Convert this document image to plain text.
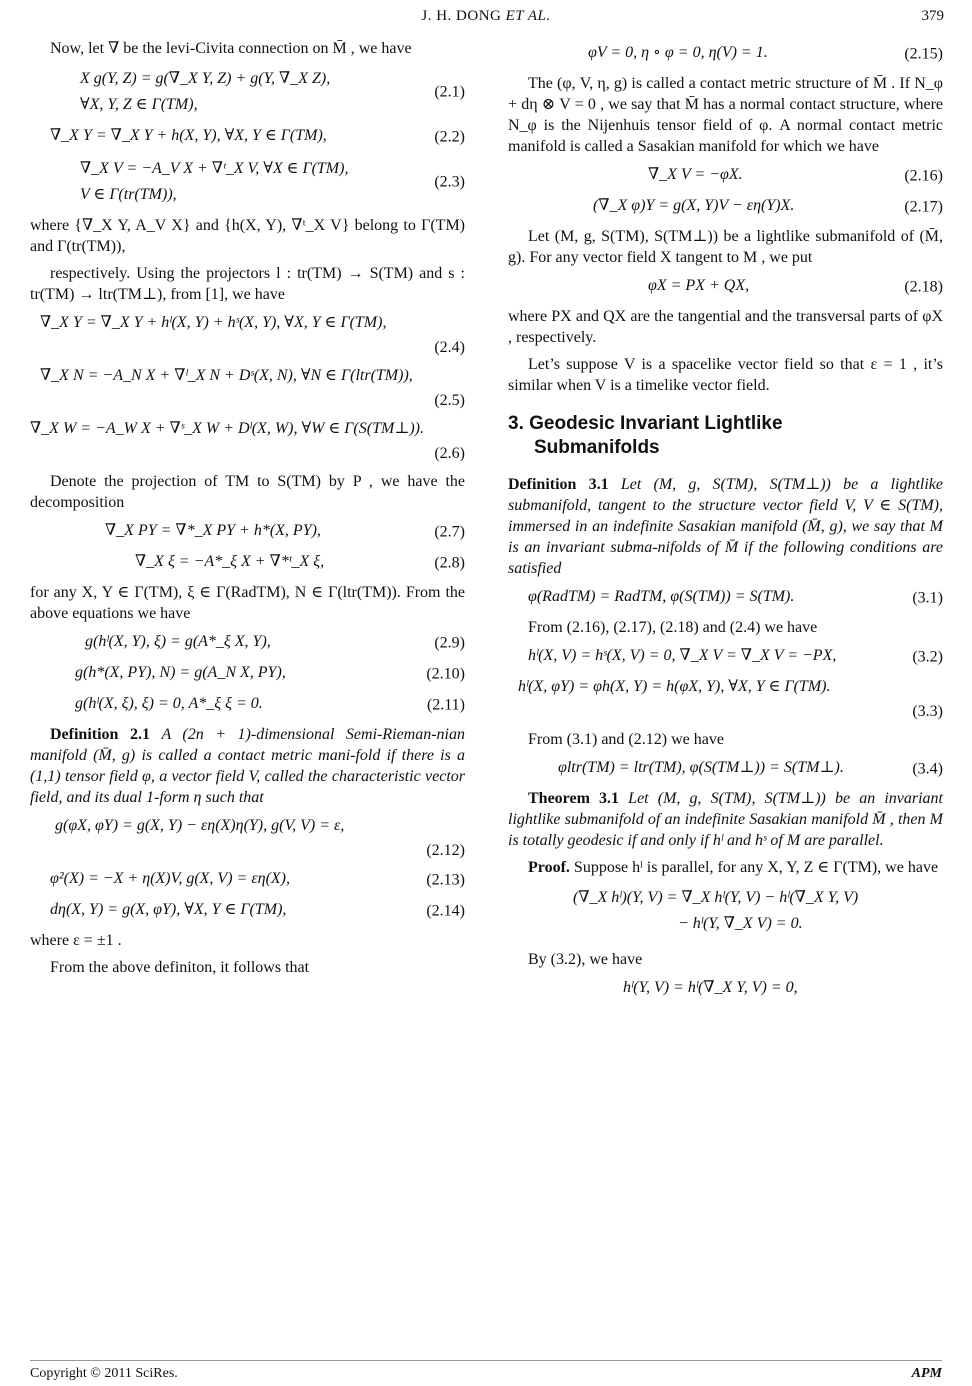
J. H. DONG ET AL.	379

Now, let ∇ be the levi-Civita connection on M̄ , we have

X g(Y, Z) = g(∇̄_X Y, Z) + g(Y, ∇̄_X Z),
∀X, Y, Z ∈ Γ(TM),
(2.1)
∇̄_X Y = ∇_X Y + h(X, Y), ∀X, Y ∈ Γ(TM),	(2.2)
∇̄_X V = −A_V X + ∇ᵗ_X V, ∀X ∈ Γ(TM),
V ∈ Γ(tr(TM)),
(2.3)

where {∇_X Y, A_V X} and {h(X, Y), ∇ᵗ_X V} belong to Γ(TM) and Γ(tr(TM)),

respectively. Using the projectors l : tr(TM) → S(TM) and s : tr(TM) → ltr(TM⊥), from [1], we have

∇̄_X Y = ∇_X Y + hˡ(X, Y) + hˢ(X, Y), ∀X, Y ∈ Γ(TM),
(2.4)
∇̄_X N = −A_N X + ∇ˡ_X N + Dˢ(X, N), ∀N ∈ Γ(ltr(TM)),
(2.5)
∇̄_X W = −A_W X + ∇ˢ_X W + Dˡ(X, W), ∀W ∈ Γ(S(TM⊥)).
(2.6)

Denote the projection of TM to S(TM) by P , we have the decomposition

∇_X PY = ∇*_X PY + h*(X, PY),	(2.7)
∇_X ξ = −A*_ξ X + ∇*ᵗ_X ξ,	(2.8)

for any X, Y ∈ Γ(TM), ξ ∈ Γ(RadTM), N ∈ Γ(ltr(TM)). From the above equations we have

g(hˡ(X, Y), ξ) = g(A*_ξ X, Y),	(2.9)
g(h*(X, PY), N) = g(A_N X, PY),	(2.10)
g(hˡ(X, ξ), ξ) = 0, A*_ξ ξ = 0.	(2.11)

Definition 2.1 A (2n + 1)-dimensional Semi-Rieman-nian manifold (M̄, g) is called a contact metric mani-fold if there is a (1,1) tensor field φ, a vector field V, called the characteristic vector field, and its dual 1-form η such that

g(φX, φY) = g(X, Y) − εη(X)η(Y), g(V, V) = ε,
(2.12)
φ²(X) = −X + η(X)V, g(X, V) = εη(X),	(2.13)
dη(X, Y) = g(X, φY), ∀X, Y ∈ Γ(TM),	(2.14)

where ε = ±1 .

From the above definiton, it follows that

φV = 0, η ∘ φ = 0, η(V) = 1.	(2.15)

The (φ, V, η, g) is called a contact metric structure of M̄ . If N_φ + dη ⊗ V = 0 , we say that M̄ has a normal contact structure, where N_φ is the Nijenhuis tensor field of φ. A normal contact metric manifold is called a Sasakian manifold for which we have

∇̄_X V = −φX.	(2.16)
(∇̄_X φ)Y = g(X, Y)V − εη(Y)X.	(2.17)

Let (M, g, S(TM), S(TM⊥)) be a lightlike submanifold of (M̄, g). For any vector field X tangent to M , we put

φX = PX + QX,	(2.18)

where PX and QX are the tangential and the transversal parts of φX , respectively.

Let’s suppose V is a spacelike vector field so that ε = 1 , it’s similar when V is a timelike vector field.

3. Geodesic Invariant Lightlike
Submanifolds

Definition 3.1 Let (M, g, S(TM), S(TM⊥)) be a lightlike submanifold, tangent to the structure vector field V, V ∈ S(TM), immersed in an indefinite Sasakian manifold (M̄, g), we say that M is an invariant subma-nifolds of M̄ if the following conditions are satisfied

φ(RadTM) = RadTM, φ(S(TM)) = S(TM).	(3.1)

From (2.16), (2.17), (2.18) and (2.4) we have

hˡ(X, V) = hˢ(X, V) = 0, ∇̄_X V = ∇_X V = −PX,	(3.2)
hˡ(X, φY) = φh(X, Y) = h(φX, Y), ∀X, Y ∈ Γ(TM).
(3.3)

From (3.1) and (2.12) we have

φltr(TM) = ltr(TM), φ(S(TM⊥)) = S(TM⊥).	(3.4)

Theorem 3.1 Let (M, g, S(TM), S(TM⊥)) be an invariant lightlike submanifold of an indefinite Sasakian manifold M̄ , then M is totally geodesic if and only if hˡ and hˢ of M are parallel.

Proof. Suppose hˡ is parallel, for any X, Y, Z ∈ Γ(TM), we have

(∇̄_X hˡ)(Y, V) = ∇̄_X hˡ(Y, V) − hˡ(∇̄_X Y, V)
− hˡ(Y, ∇̄_X V) = 0.

By (3.2), we have

hˡ(Y, V) = hˡ(∇̄_X Y, V) = 0,
Copyright © 2011 SciRes.	APM
